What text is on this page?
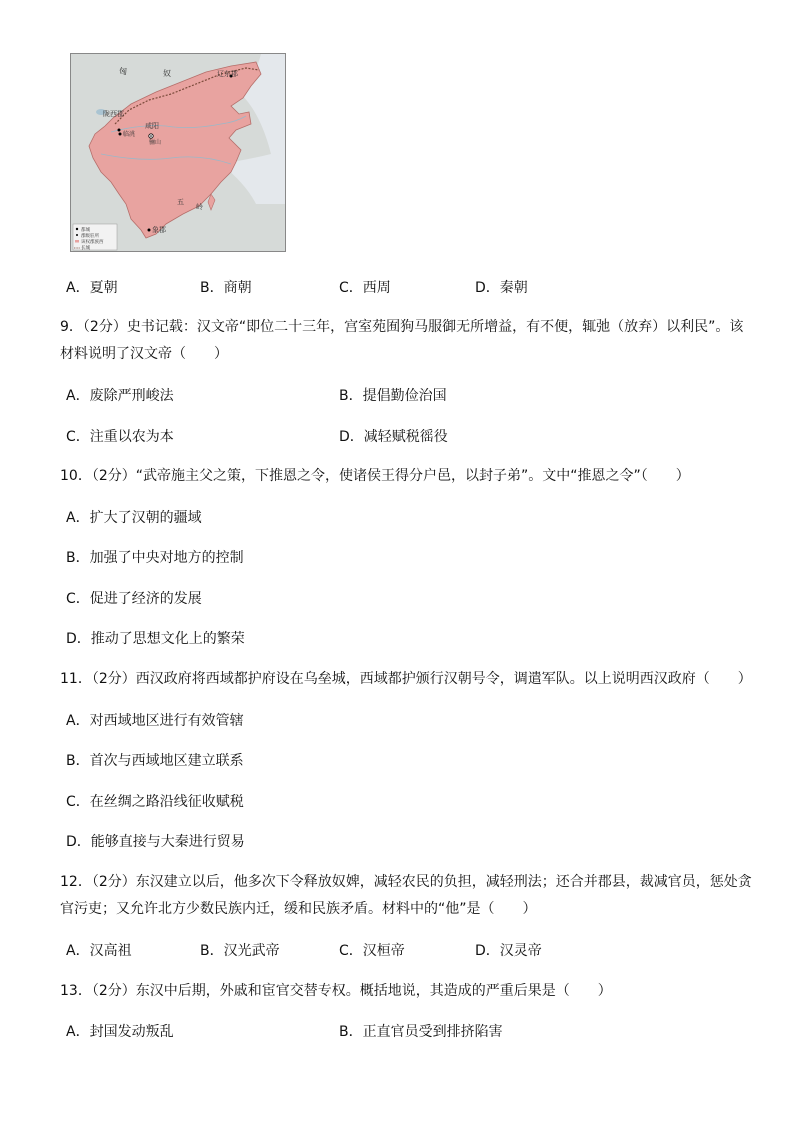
匈	奴	辽东郡
陇西郡
临洮
咸阳
骊山
五
岭
象郡
都城
郡级驻所
该权郡族西
长城
A．夏朝	B．商朝	C．西周	D．秦朝
9．（2分）史书记载：汉文帝“即位二十三年，宫室苑囿狗马服御无所增益，有不便，辄弛（放弃）以利民”。该
材料说明了汉文帝（　　）
A．废除严刑峻法	B．提倡勤俭治国
C．注重以农为本	D．减轻赋税徭役
10．（2分）“武帝施主父之策，下推恩之令，使诸侯王得分户邑，以封子弟”。文中“推恩之令”（　　）
A．扩大了汉朝的疆域
B．加强了中央对地方的控制
C．促进了经济的发展
D．推动了思想文化上的繁荣
11．（2分）西汉政府将西域都护府设在乌垒城，西域都护颁行汉朝号令，调遣军队。以上说明西汉政府（　　）
A．对西域地区进行有效管辖
B．首次与西域地区建立联系
C．在丝绸之路沿线征收赋税
D．能够直接与大秦进行贸易
12．（2分）东汉建立以后，他多次下令释放奴婢，减轻农民的负担，减轻刑法；还合并郡县，裁减官员，惩处贪
官污吏；又允许北方少数民族内迁，缓和民族矛盾。材料中的“他”是（　　）
A．汉高祖	B．汉光武帝	C．汉桓帝	D．汉灵帝
13．（2分）东汉中后期，外戚和宦官交替专权。概括地说，其造成的严重后果是（　　）
A．封国发动叛乱	B．正直官员受到排挤陷害
